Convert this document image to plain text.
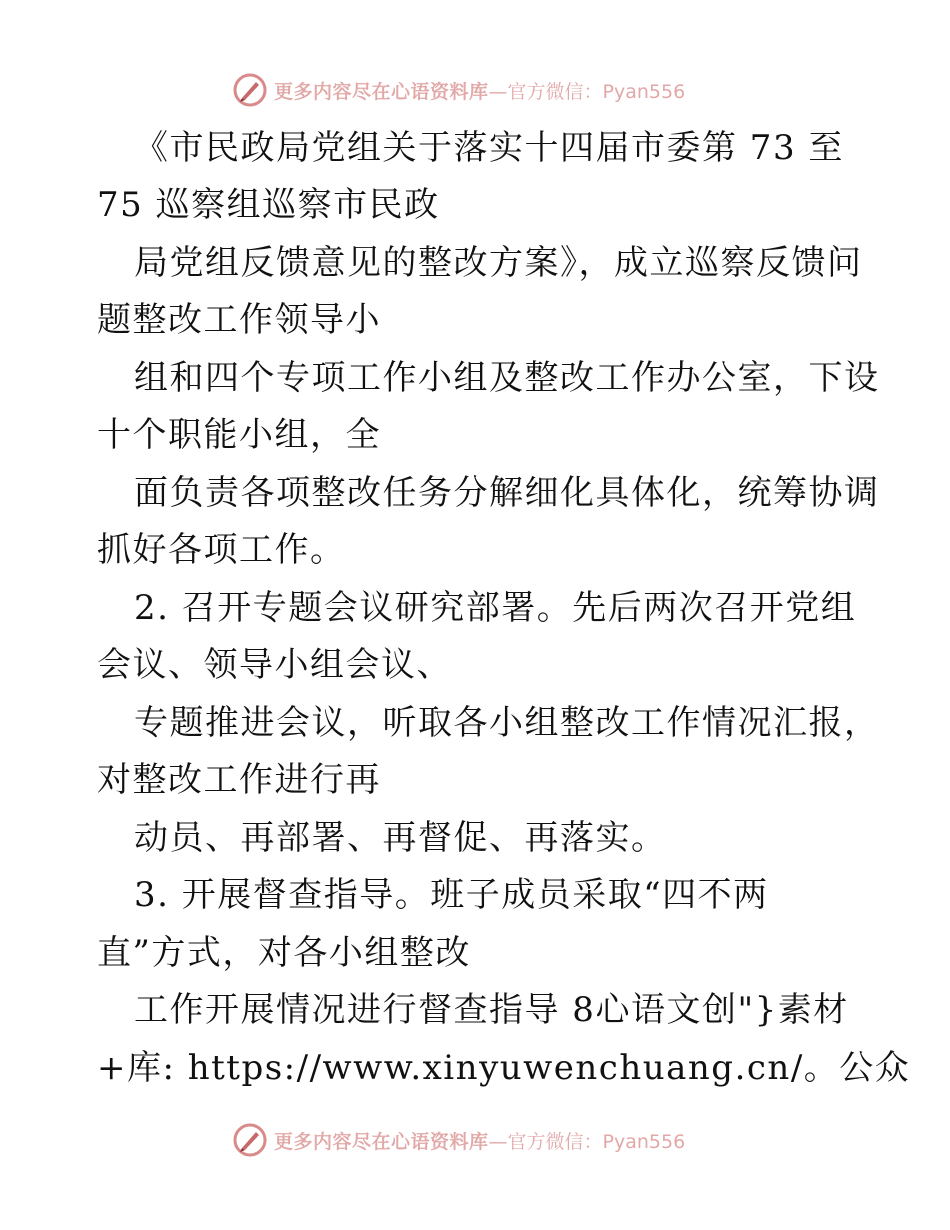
更多内容尽在心语资料库 —官方微信：Pyan556
《市民政局党组关于落实十四届市委第 73 至
75 巡察组巡察市民政
局党组反馈意见的整改方案》，成立巡察反馈问
题整改工作领导小
组和四个专项工作小组及整改工作办公室，下设
十个职能小组，全
面负责各项整改任务分解细化具体化，统筹协调
抓好各项工作。
2. 召开专题会议研究部署。先后两次召开党组
会议、领导小组会议、
专题推进会议，听取各小组整改工作情况汇报，
对整改工作进行再
动员、再部署、再督促、再落实。
3. 开展督查指导。班子成员采取“四不两
直”方式，对各小组整改
工作开展情况进行督查指导 8心语文创"}素材
+库: https://www.xinyuwenchuang.cn/。公众
更多内容尽在心语资料库 —官方微信：Pyan556
